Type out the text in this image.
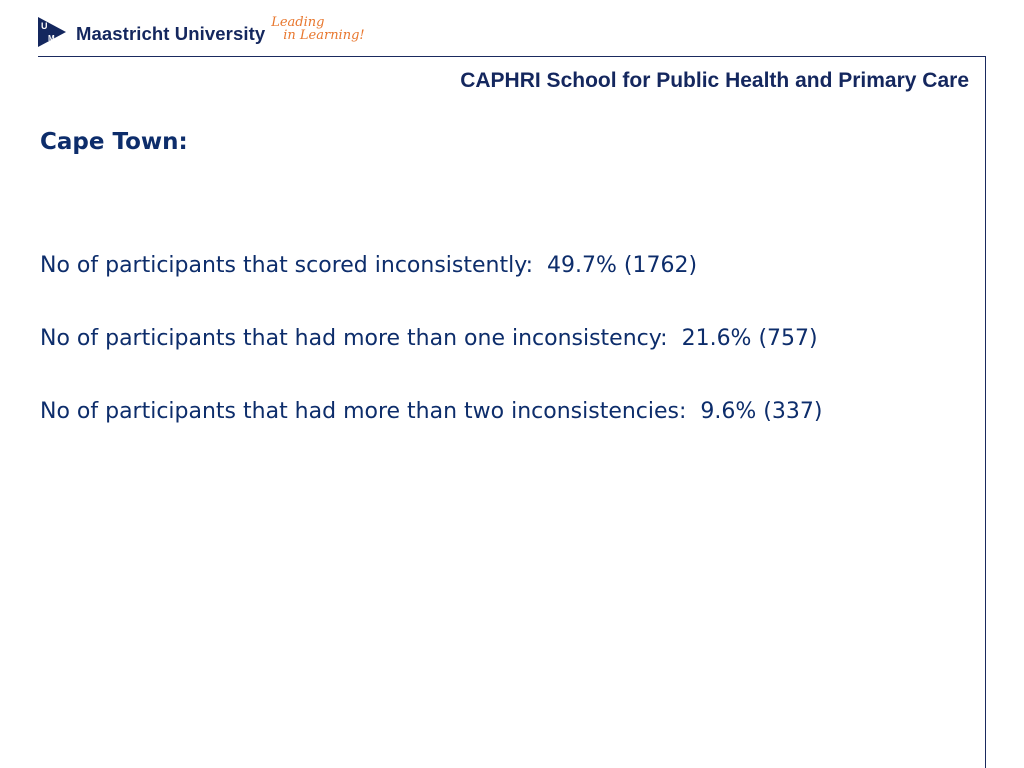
U
M Maastricht University
Leading
in Learning!
CAPHRI School for Public Health and Primary Care
Cape Town:
No of participants that scored inconsistently:  49.7% (1762)
No of participants that had more than one inconsistency:  21.6% (757)
No of participants that had more than two inconsistencies:  9.6% (337)
